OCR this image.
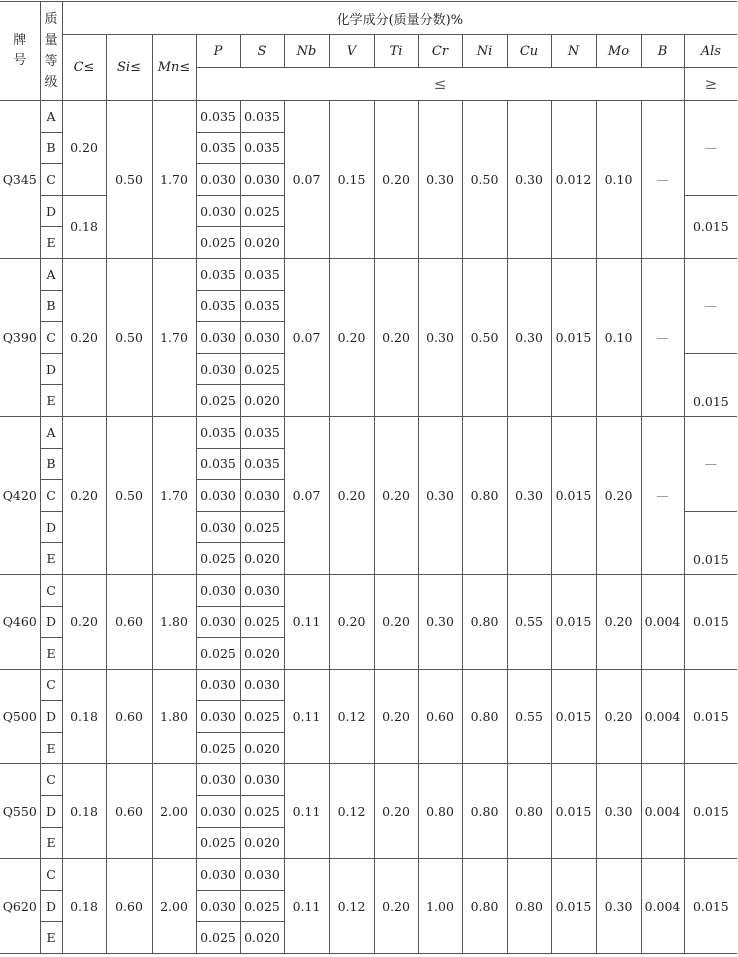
牌
号	质
量
等
级	化学成分(质量分数)%														
		C≤	Si≤	Mn≤	P	S	Nb	V	Ti	Cr	Ni	Cu	N	Mo	B	Als
					≤											≥
Q345	A	0.20	0.50	1.70	0.035	0.035	0.07	0.15	0.20	0.30	0.50	0.30	0.012	0.10	—	—
	B				0.035	0.035										
	C				0.030	0.030										
	D	0.18			0.030	0.025										0.015
	E				0.025	0.020										
Q390	A	0.20	0.50	1.70	0.035	0.035	0.07	0.20	0.20	0.30	0.50	0.30	0.015	0.10	—	—
	B				0.035	0.035										
	C				0.030	0.030										
	D				0.030	0.025										0.015
	E				0.025	0.020										
Q420	A	0.20	0.50	1.70	0.035	0.035	0.07	0.20	0.20	0.30	0.80	0.30	0.015	0.20	—	—
	B				0.035	0.035										
	C				0.030	0.030										
	D				0.030	0.025										0.015
	E				0.025	0.020										
Q460	C	0.20	0.60	1.80	0.030	0.030	0.11	0.20	0.20	0.30	0.80	0.55	0.015	0.20	0.004	0.015
	D				0.030	0.025										
	E				0.025	0.020										
Q500	C	0.18	0.60	1.80	0.030	0.030	0.11	0.12	0.20	0.60	0.80	0.55	0.015	0.20	0.004	0.015
	D				0.030	0.025										
	E				0.025	0.020										
Q550	C	0.18	0.60	2.00	0.030	0.030	0.11	0.12	0.20	0.80	0.80	0.80	0.015	0.30	0.004	0.015
	D				0.030	0.025										
	E				0.025	0.020										
Q620	C	0.18	0.60	2.00	0.030	0.030	0.11	0.12	0.20	1.00	0.80	0.80	0.015	0.30	0.004	0.015
	D				0.030	0.025										
	E				0.025	0.020										
